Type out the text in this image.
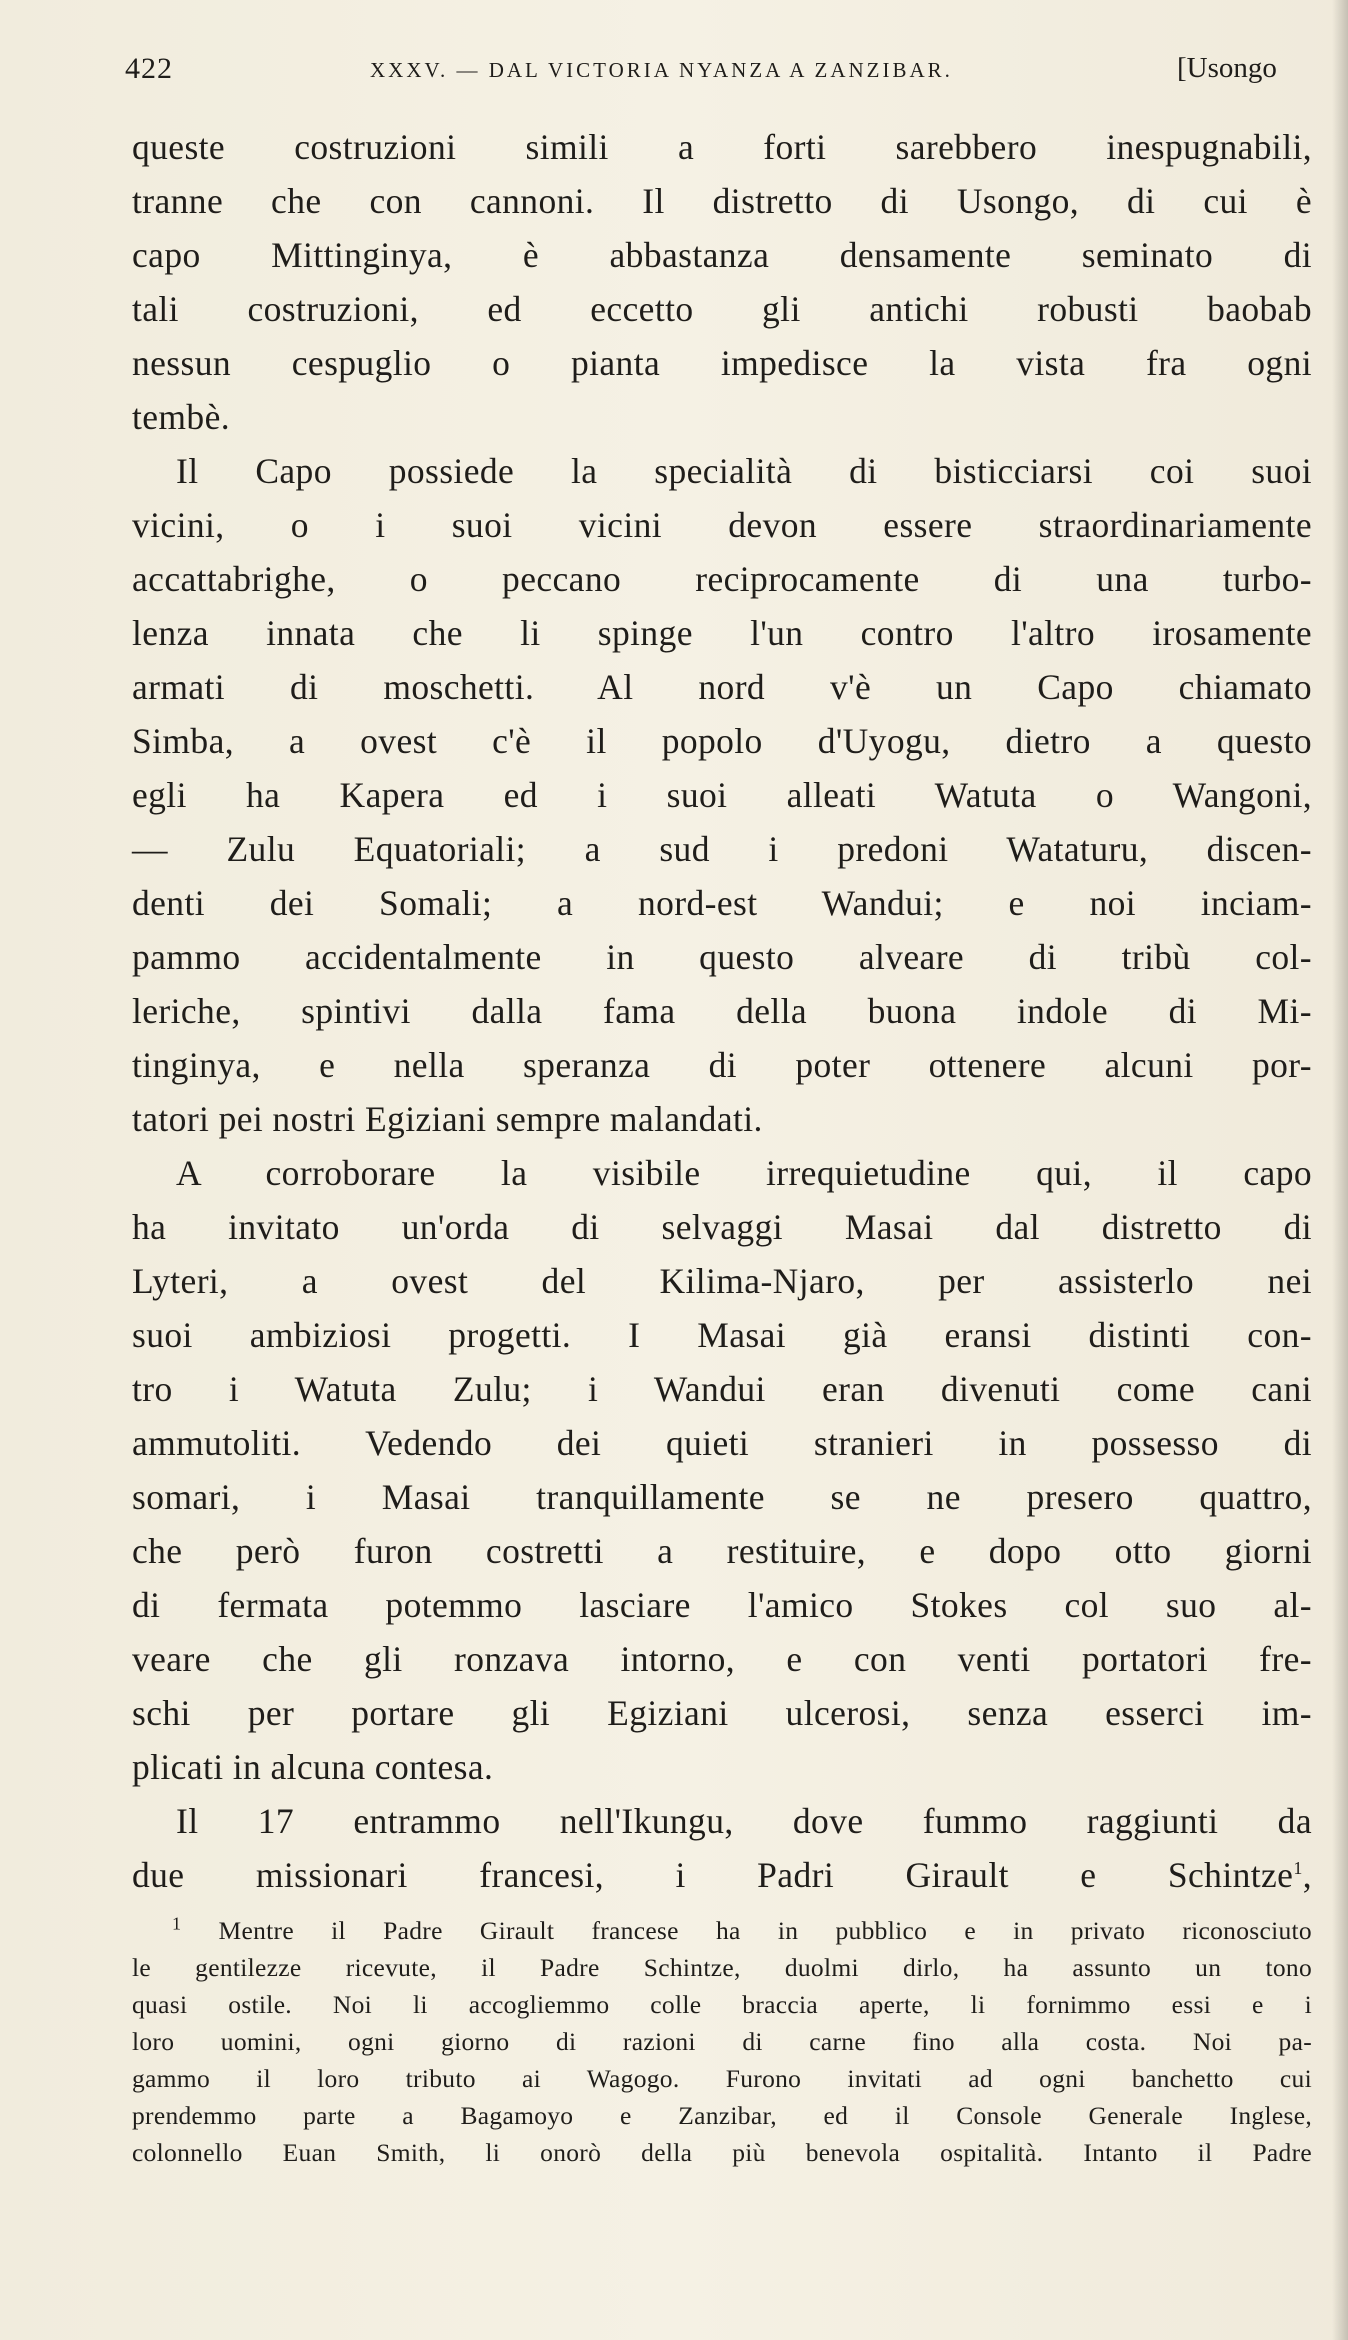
422	XXXV. — DAL VICTORIA NYANZA A ZANZIBAR.	[Usongo
queste costruzioni simili a forti sarebbero inespugnabili,
tranne che con cannoni. Il distretto di Usongo, di cui è
capo Mittinginya, è abbastanza densamente seminato di
tali costruzioni, ed eccetto gli antichi robusti baobab
nessun cespuglio o pianta impedisce la vista fra ogni
tembè.
Il Capo possiede la specialità di bisticciarsi coi suoi
vicini, o i suoi vicini devon essere straordinariamente
accattabrighe, o peccano reciprocamente di una turbo-
lenza innata che li spinge l'un contro l'altro irosamente
armati di moschetti. Al nord v'è un Capo chiamato
Simba, a ovest c'è il popolo d'Uyogu, dietro a questo
egli ha Kapera ed i suoi alleati Watuta o Wangoni,
— Zulu Equatoriali; a sud i predoni Wataturu, discen-
denti dei Somali; a nord-est Wandui; e noi inciam-
pammo accidentalmente in questo alveare di tribù col-
leriche, spintivi dalla fama della buona indole di Mi-
tinginya, e nella speranza di poter ottenere alcuni por-
tatori pei nostri Egiziani sempre malandati.
A corroborare la visibile irrequietudine qui, il capo
ha invitato un'orda di selvaggi Masai dal distretto di
Lyteri, a ovest del Kilima-Njaro, per assisterlo nei
suoi ambiziosi progetti. I Masai già eransi distinti con-
tro i Watuta Zulu; i Wandui eran divenuti come cani
ammutoliti. Vedendo dei quieti stranieri in possesso di
somari, i Masai tranquillamente se ne presero quattro,
che però furon costretti a restituire, e dopo otto giorni
di fermata potemmo lasciare l'amico Stokes col suo al-
veare che gli ronzava intorno, e con venti portatori fre-
schi per portare gli Egiziani ulcerosi, senza esserci im-
plicati in alcuna contesa.
Il 17 entrammo nell'Ikungu, dove fummo raggiunti da
due missionari francesi, i Padri Girault e Schintze$^1$,
$^1$ Mentre il Padre Girault francese ha in pubblico e in privato riconosciuto
le gentilezze ricevute, il Padre Schintze, duolmi dirlo, ha assunto un tono
quasi ostile. Noi li accogliemmo colle braccia aperte, li fornimmo essi e i
loro uomini, ogni giorno di razioni di carne fino alla costa. Noi pa-
gammo il loro tributo ai Wagogo. Furono invitati ad ogni banchetto cui
prendemmo parte a Bagamoyo e Zanzibar, ed il Console Generale Inglese,
colonnello Euan Smith, li onorò della più benevola ospitalità. Intanto il Padre
